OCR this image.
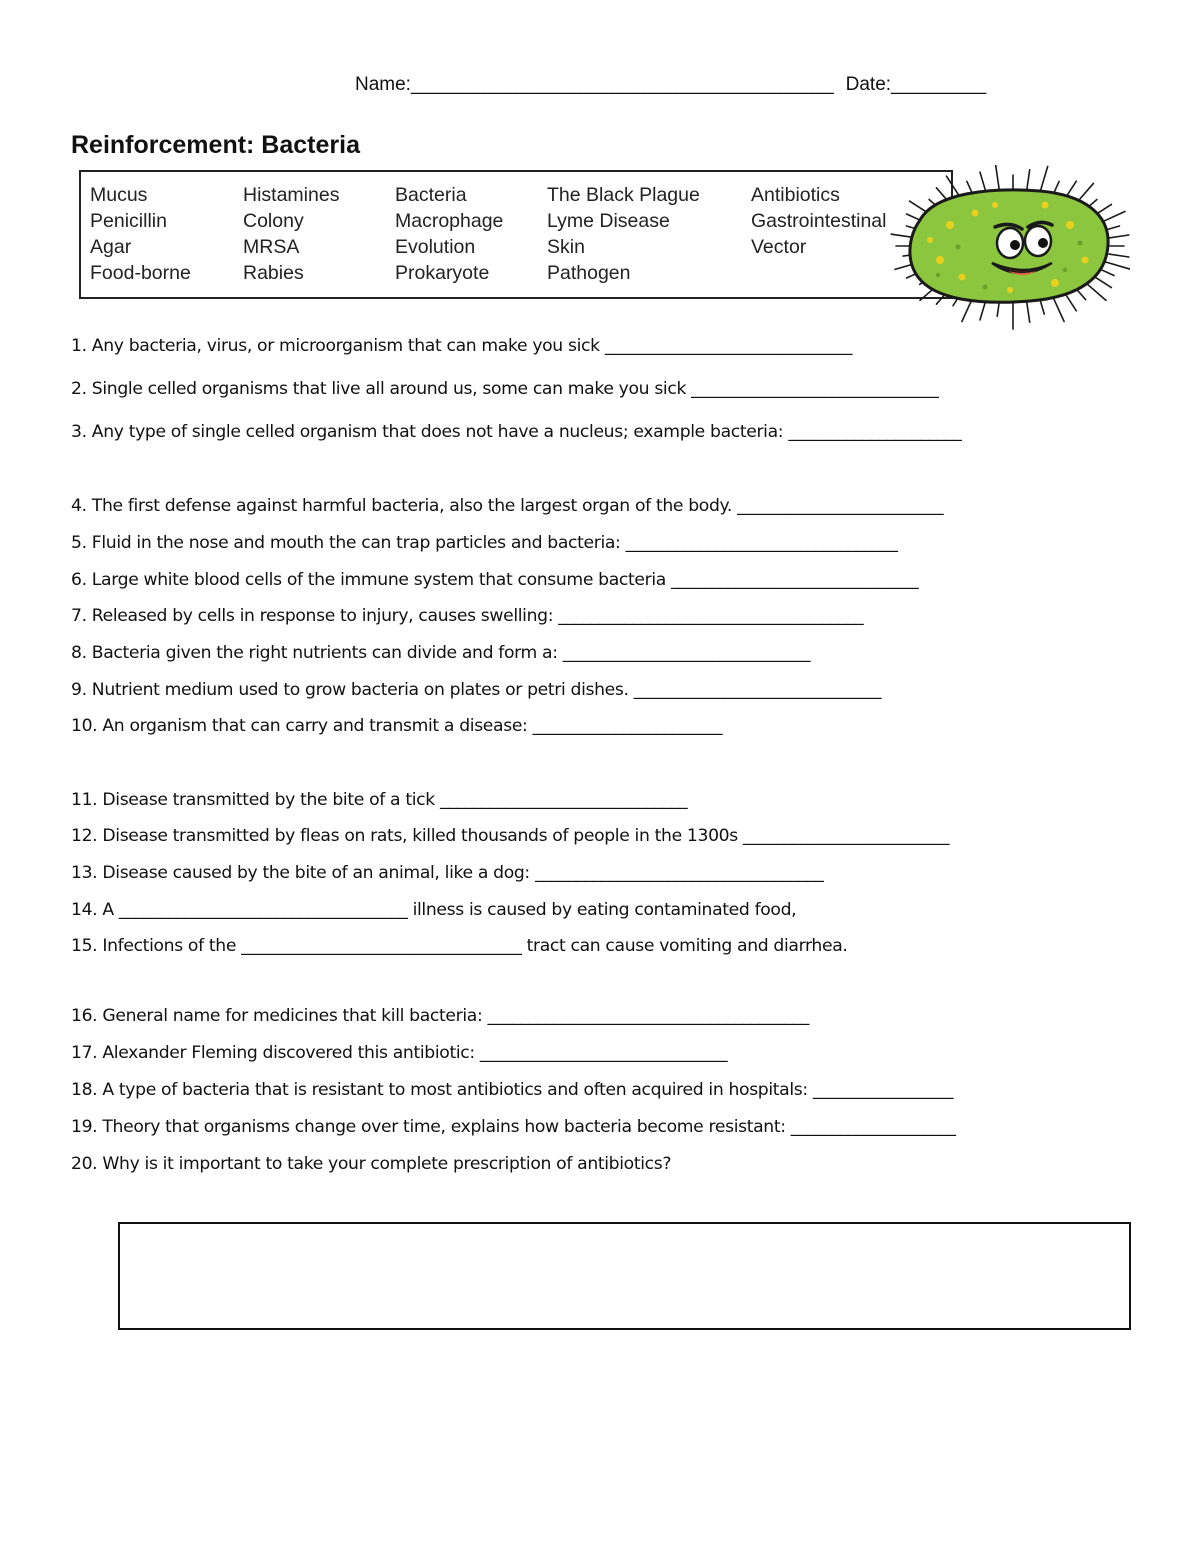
Name:________________________________________ Date:_________
Reinforcement: Bacteria
Mucus
Penicillin
Agar
Food-borne
Histamines
Colony
MRSA
Rabies
Bacteria
Macrophage
Evolution
Prokaryote
The Black Plague
Lyme Disease
Skin
Pathogen
Antibiotics
Gastrointestinal
Vector
1. Any bacteria, virus, or microorganism that can make you sick ______________________________
2. Single celled organisms that live all around us, some can make you sick ______________________________
3. Any type of single celled organism that does not have a nucleus; example bacteria: _____________________
4. The first defense against harmful bacteria, also the largest organ of the body. _________________________
5. Fluid in the nose and mouth the can trap particles and bacteria: _________________________________
6. Large white blood cells of the immune system that consume bacteria ______________________________
7. Released by cells in response to injury, causes swelling: _____________________________________
8. Bacteria given the right nutrients can divide and form a: ______________________________
9. Nutrient medium used to grow bacteria on plates or petri dishes. ______________________________
10. An organism that can carry and transmit a disease: _______________________
11. Disease transmitted by the bite of a tick ______________________________
12. Disease transmitted by fleas on rats, killed thousands of people in the 1300s _________________________
13. Disease caused by the bite of an animal, like a dog: ___________________________________
14. A ___________________________________ illness is caused by eating contaminated food,
15. Infections of the __________________________________ tract can cause vomiting and diarrhea.
16. General name for medicines that kill bacteria: _______________________________________
17. Alexander Fleming discovered this antibiotic: ______________________________
18. A type of bacteria that is resistant to most antibiotics and often acquired in hospitals: _________________
19. Theory that organisms change over time, explains how bacteria become resistant: ____________________
20. Why is it important to take your complete prescription of antibiotics?
